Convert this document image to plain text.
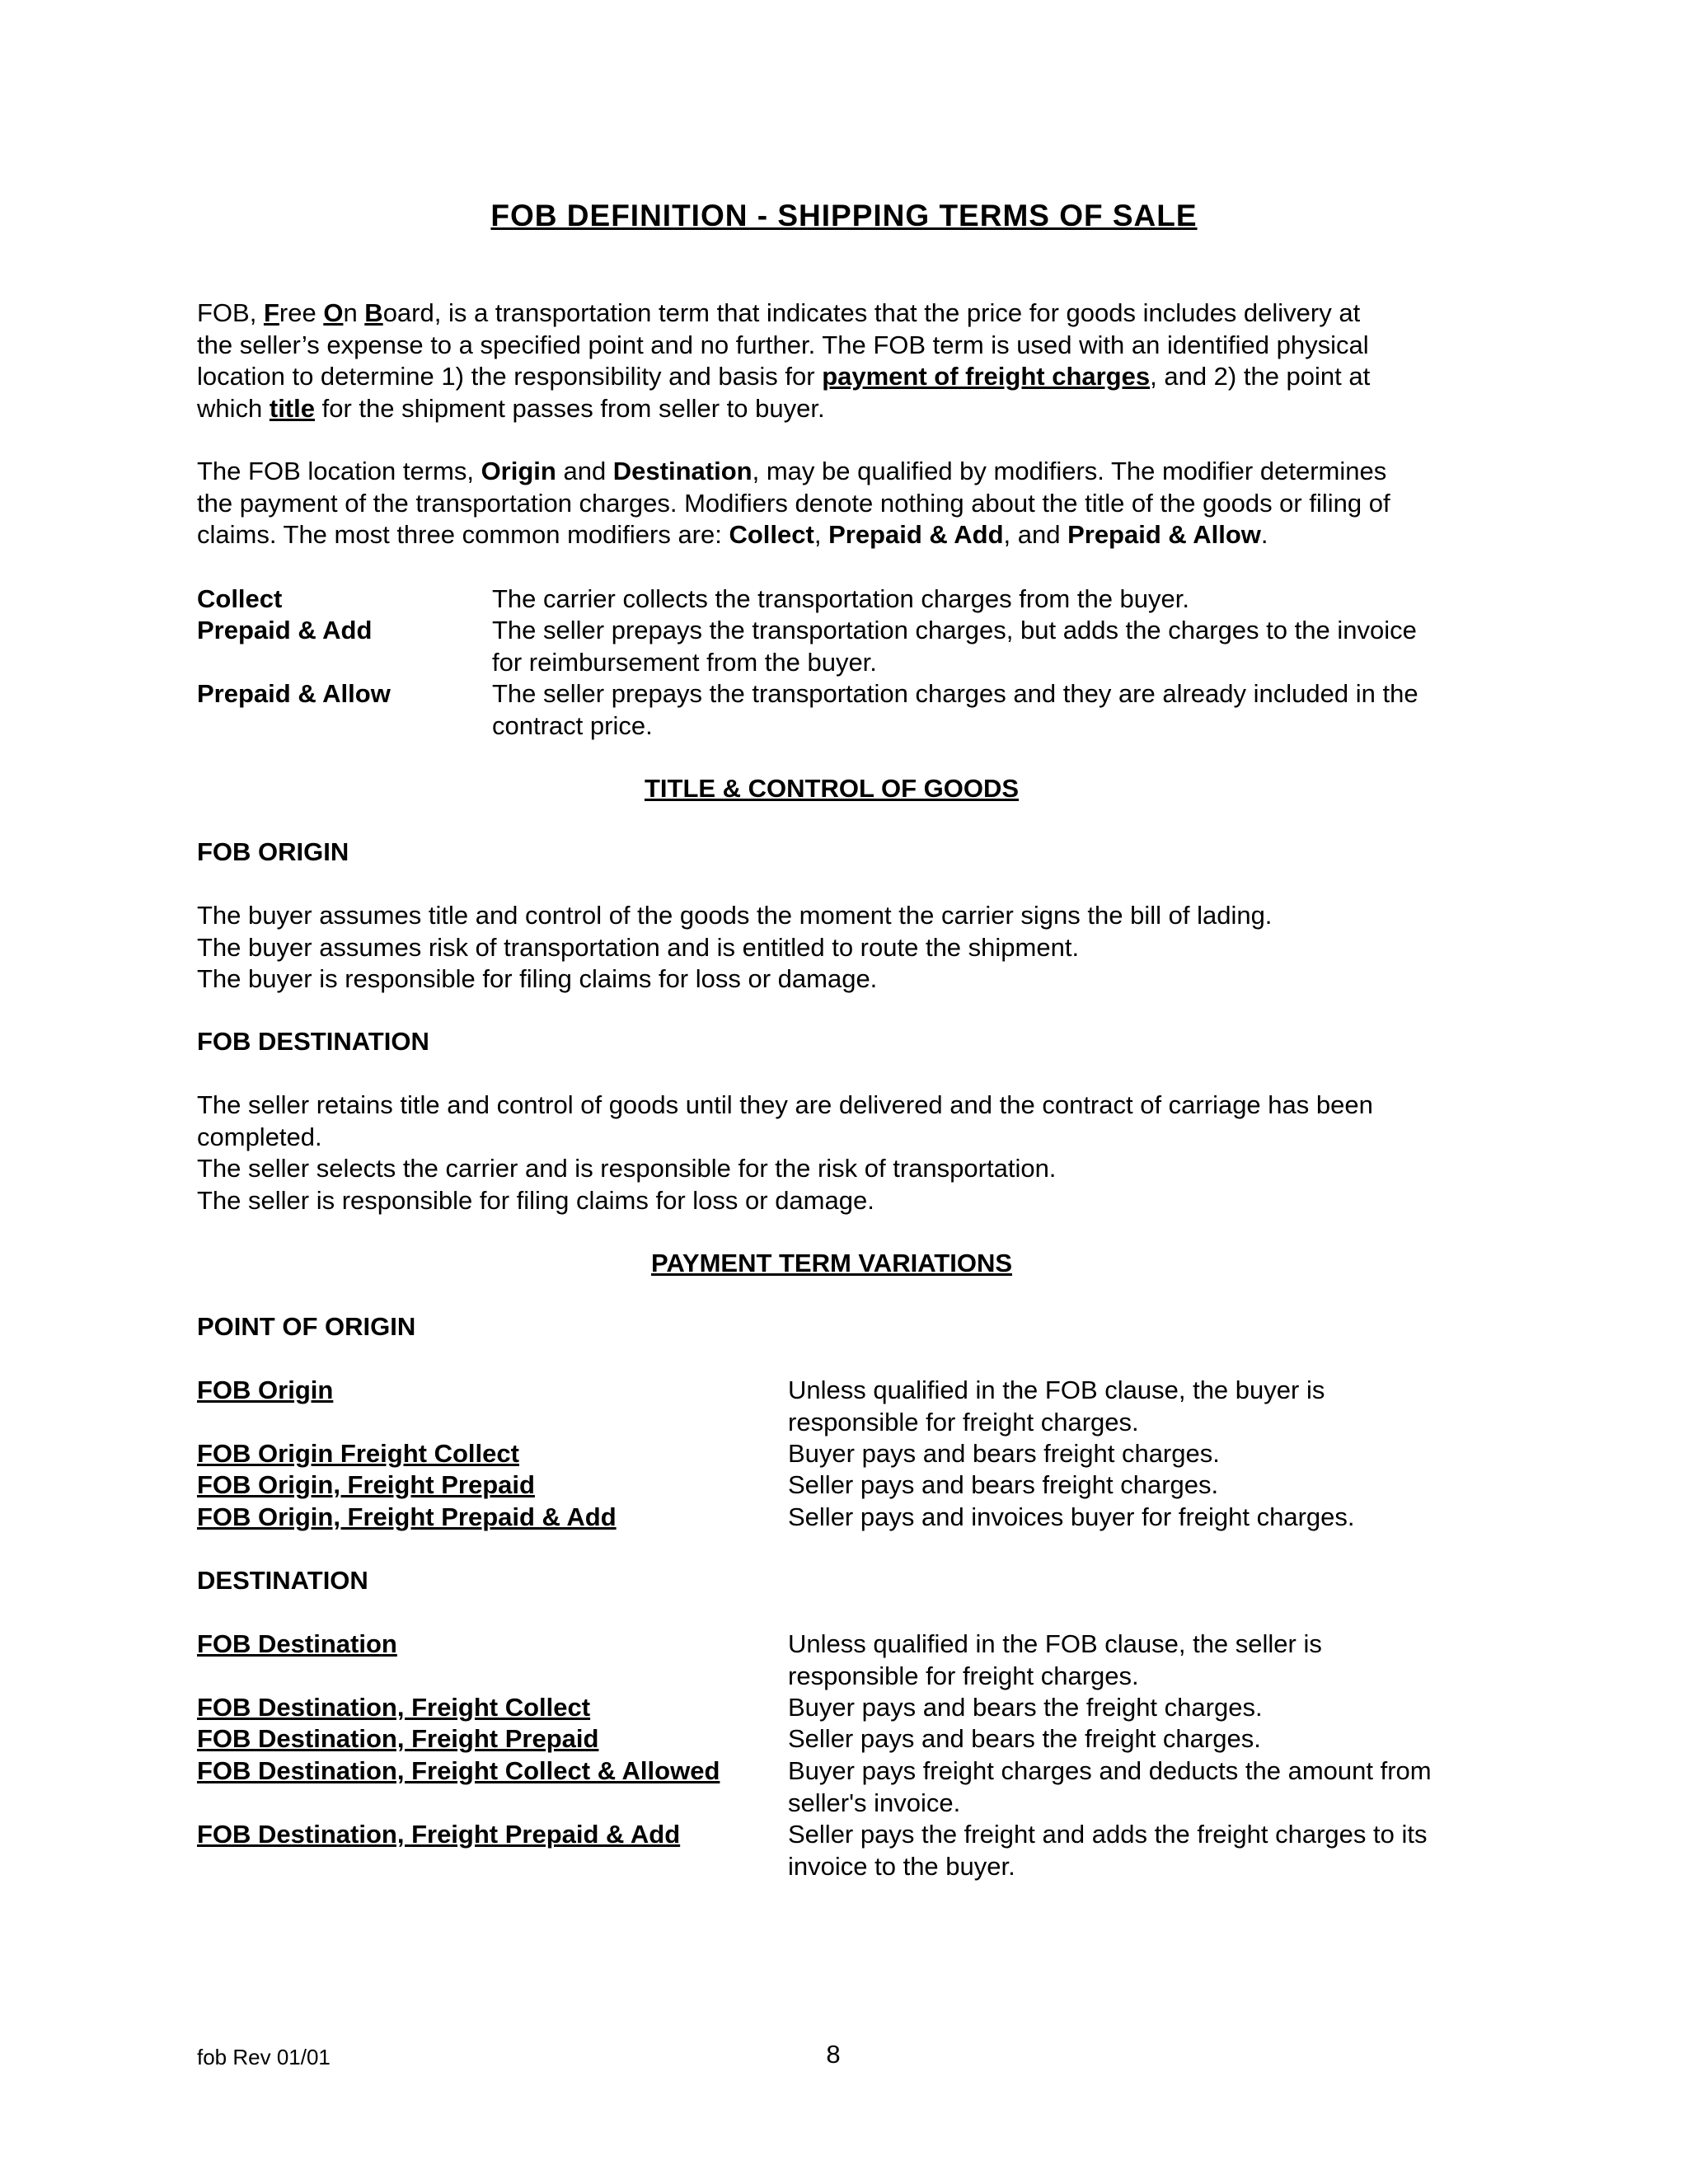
FOB DEFINITION - SHIPPING TERMS OF SALE

FOB, Free On Board, is a transportation term that indicates that the price for goods includes delivery at

the seller’s expense to a specified point and no further. The FOB term is used with an identified physical

location to determine 1) the responsibility and basis for payment of freight charges, and 2) the point at

which title for the shipment passes from seller to buyer.

The FOB location terms, Origin and Destination, may be qualified by modifiers. The modifier determines

the payment of the transportation charges. Modifiers denote nothing about the title of the goods or filing of

claims. The most three common modifiers are: Collect, Prepaid & Add, and Prepaid & Allow.

Collect	The carrier collects the transportation charges from the buyer.
Prepaid & Add	The seller prepays the transportation charges, but adds the charges to the invoice
for reimbursement from the buyer.
Prepaid & Allow	The seller prepays the transportation charges and they are already included in the
contract price.
TITLE & CONTROL OF GOODS
FOB ORIGIN

The buyer assumes title and control of the goods the moment the carrier signs the bill of lading.

The buyer assumes risk of transportation and is entitled to route the shipment.

The buyer is responsible for filing claims for loss or damage.

FOB DESTINATION

The seller retains title and control of goods until they are delivered and the contract of carriage has been

completed.

The seller selects the carrier and is responsible for the risk of transportation.

The seller is responsible for filing claims for loss or damage.

PAYMENT TERM VARIATIONS
POINT OF ORIGIN
FOB Origin	Unless qualified in the FOB clause, the buyer is
responsible for freight charges.
FOB Origin Freight Collect	Buyer pays and bears freight charges.
FOB Origin, Freight Prepaid	Seller pays and bears freight charges.
FOB Origin, Freight Prepaid & Add	Seller pays and invoices buyer for freight charges.
DESTINATION
FOB Destination	Unless qualified in the FOB clause, the seller is
responsible for freight charges.
FOB Destination, Freight Collect	Buyer pays and bears the freight charges.
FOB Destination, Freight Prepaid	Seller pays and bears the freight charges.
FOB Destination, Freight Collect & Allowed	Buyer pays freight charges and deducts the amount from
seller's invoice.
FOB Destination, Freight Prepaid & Add	Seller pays the freight and adds the freight charges to its
invoice to the buyer.
fob Rev 01/01	8
